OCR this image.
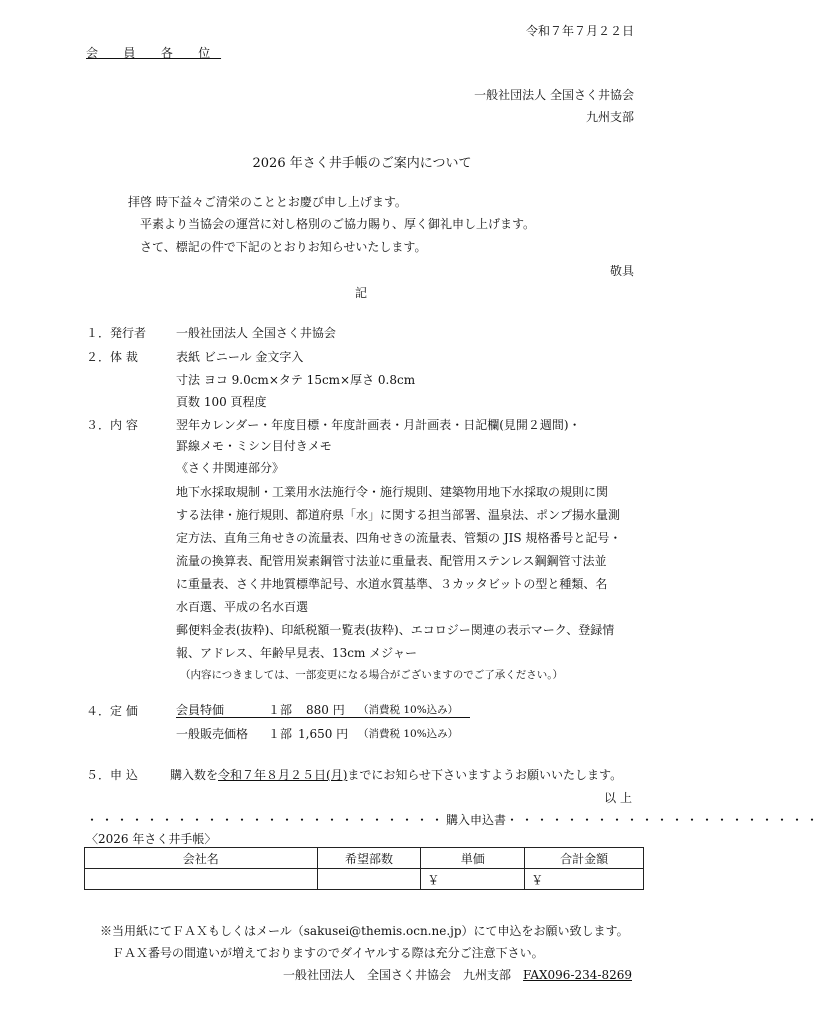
令和７年７月２２日
会 員 各 位
一般社団法人 全国さく井協会
九州支部
2026 年さく井手帳のご案内について
拝啓 時下益々ご清栄のこととお慶び申し上げます。
平素より当協会の運営に対し格別のご協力賜り、厚く御礼申し上げます。
さて、標記の件で下記のとおりお知らせいたします。
敬具
記
１．発行者 一般社団法人 全国さく井協会
２．体 裁	表紙 ビニール 金文字入
寸法 ヨコ 9.0cm×タテ 15cm×厚さ 0.8cm
頁数 100 頁程度
３．内 容	翌年カレンダー・年度目標・年度計画表・月計画表・日記欄(見開２週間)・
罫線メモ・ミシン目付きメモ
《さく井関連部分》
地下水採取規制・工業用水法施行令・施行規則、建築物用地下水採取の規則に関
する法律・施行規則、都道府県「水」に関する担当部署、温泉法、ポンプ揚水量測
定方法、直角三角せきの流量表、四角せきの流量表、管類の JIS 規格番号と記号・
流量の換算表、配管用炭素鋼管寸法並に重量表、配管用ステンレス鋼鋼管寸法並
に重量表、さく井地質標準記号、水道水質基準、３カッタビットの型と種類、名
水百選、平成の名水百選
郵便料金表(抜粋)、印紙税額一覧表(抜粋)、エコロジー関連の表示マーク、登録情
報、アドレス、年齢早見表、13cm メジャー
（内容につきましては、一部変更になる場合がございますのでご了承ください。）
４．定 価	会員特価	１部 880 円 （消費税 10%込み）
一般販売価格 １部 1,650 円 （消費税 10%込み）
５．申 込	購入数を令和７年８月２５日(月)までにお知らせ下さいますようお願いいたします。
以 上
・・・・・・・・・・・・・・・・・・・・・・・・購入申込書・・・・・・・・・・・・・・・・・・・・・
〈2026 年さく井手帳〉
会社名	希望部数	単価	合計金額
		￥	￥
※当用紙にてＦＡＸもしくはメール（sakusei@themis.ocn.ne.jp）にて申込をお願い致します。
ＦＡＸ番号の間違いが増えておりますのでダイヤルする際は充分ご注意下さい。
一般社団法人　全国さく井協会　九州支部　 FAX096-234-8269
